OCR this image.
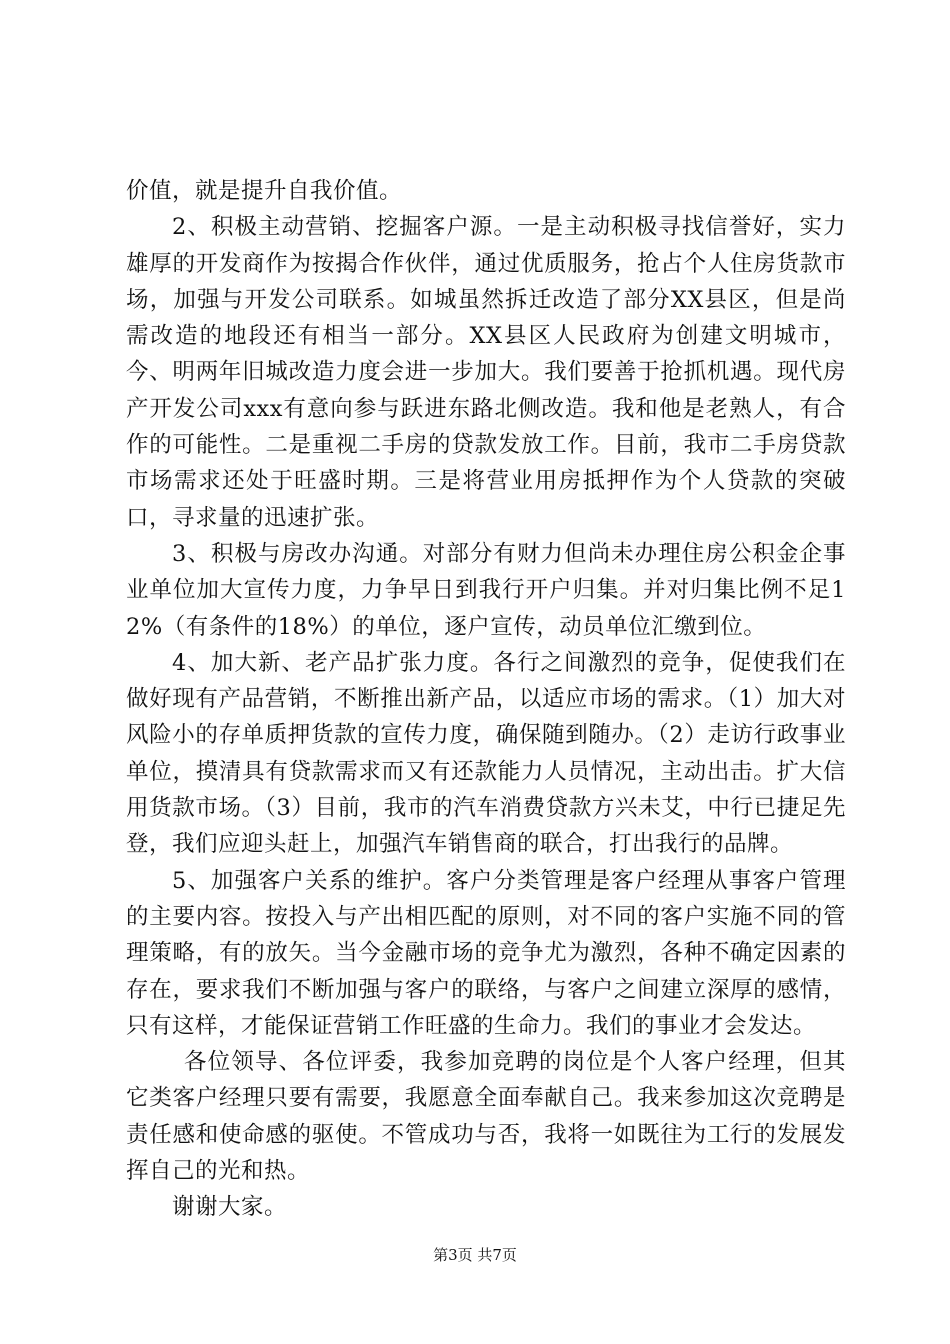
价值，就是提升自我价值。

2、积极主动营销、挖掘客户源。一是主动积极寻找信誉好，实力雄厚的开发商作为按揭合作伙伴，通过优质服务，抢占个人住房货款市场，加强与开发公司联系。如城虽然拆迁改造了部分XX县区，但是尚需改造的地段还有相当一部分。XX县区人民政府为创建文明城市，今、明两年旧城改造力度会进一步加大。我们要善于抢抓机遇。现代房产开发公司xxx有意向参与跃进东路北侧改造。我和他是老熟人，有合作的可能性。二是重视二手房的贷款发放工作。目前，我市二手房贷款市场需求还处于旺盛时期。三是将营业用房抵押作为个人贷款的突破口，寻求量的迅速扩张。

3、积极与房改办沟通。对部分有财力但尚未办理住房公积金企事业单位加大宣传力度，力争早日到我行开户归集。并对归集比例不足12%（有条件的18%）的单位，逐户宣传，动员单位汇缴到位。

4、加大新、老产品扩张力度。各行之间激烈的竞争，促使我们在做好现有产品营销，不断推出新产品，以适应市场的需求。（1）加大对风险小的存单质押货款的宣传力度，确保随到随办。（2）走访行政事业单位，摸清具有贷款需求而又有还款能力人员情况，主动出击。扩大信用货款市场。（3）目前，我市的汽车消费贷款方兴未艾，中行已捷足先登，我们应迎头赶上，加强汽车销售商的联合，打出我行的品牌。

5、加强客户关系的维护。客户分类管理是客户经理从事客户管理的主要内容。按投入与产出相匹配的原则，对不同的客户实施不同的管理策略，有的放矢。当今金融市场的竞争尤为激烈，各种不确定因素的存在，要求我们不断加强与客户的联络，与客户之间建立深厚的感情，只有这样，才能保证营销工作旺盛的生命力。我们的事业才会发达。

各位领导、各位评委，我参加竞聘的岗位是个人客户经理，但其它类客户经理只要有需要，我愿意全面奉献自己。我来参加这次竞聘是责任感和使命感的驱使。不管成功与否，我将一如既往为工行的发展发挥自己的光和热。

谢谢大家。

第3页 共7页
